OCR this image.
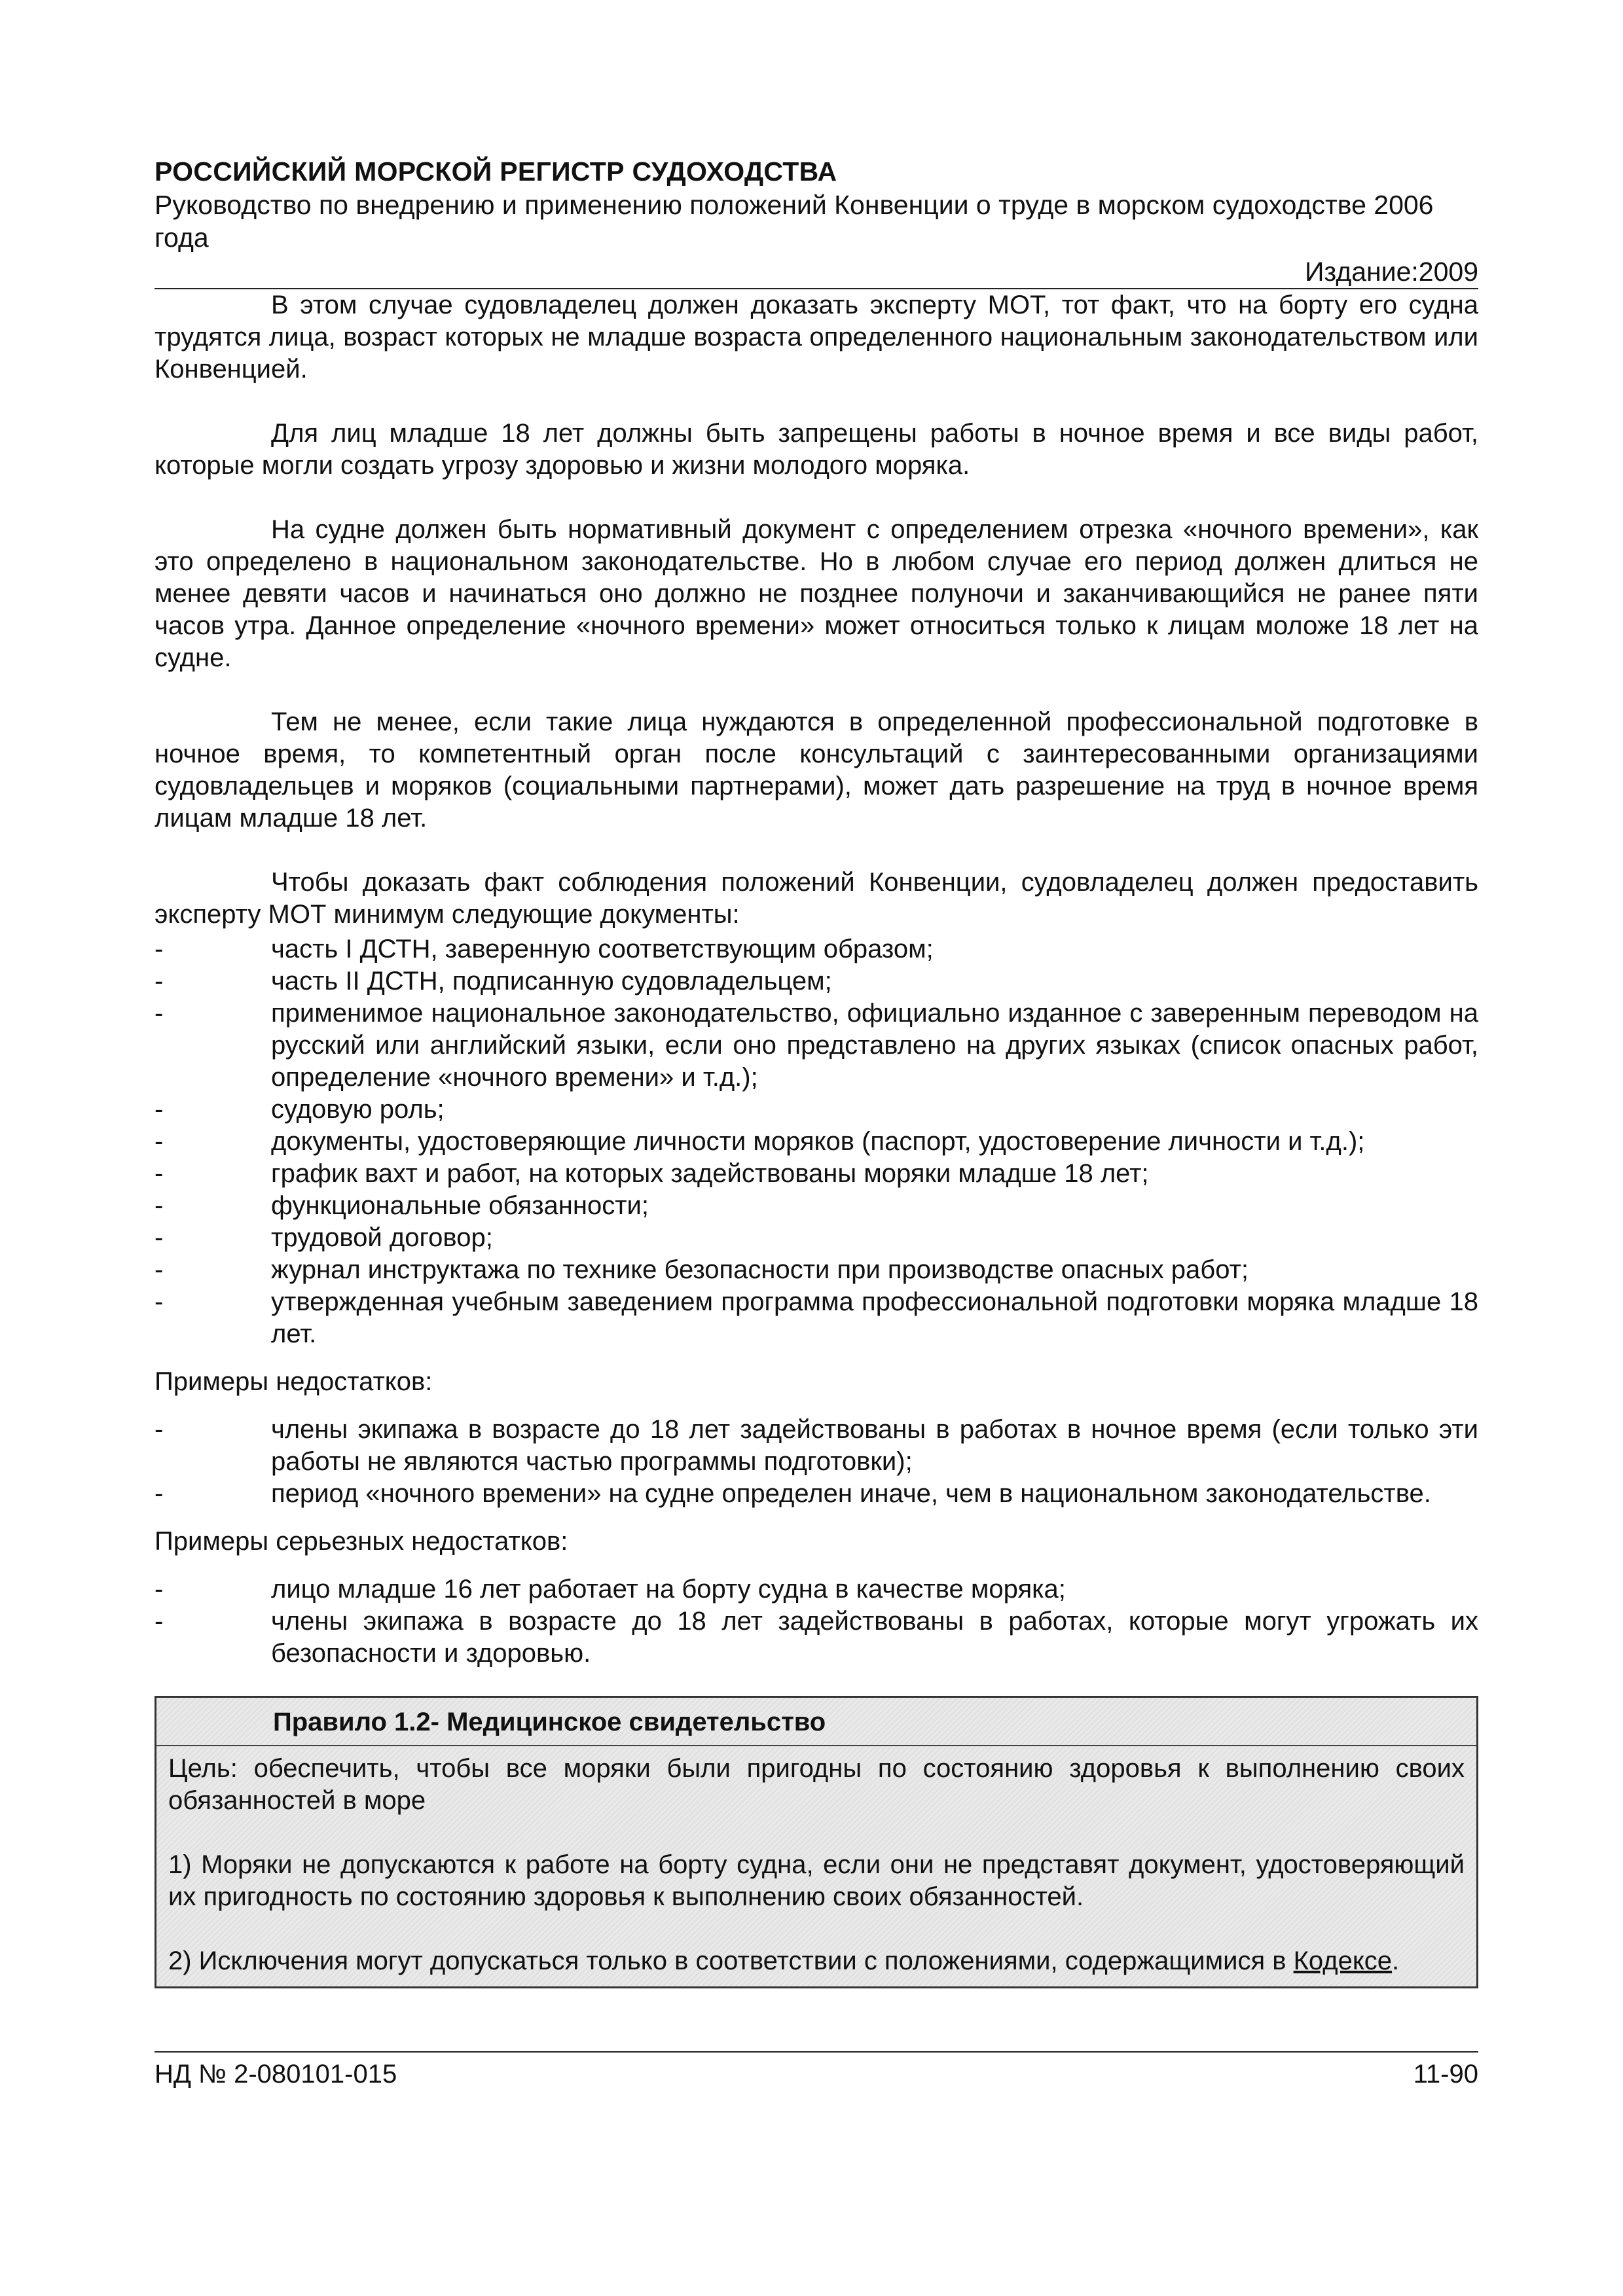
РОССИЙСКИЙ МОРСКОЙ РЕГИСТР СУДОХОДСТВА
Руководство по внедрению и применению положений Конвенции о труде в морском судоходстве 2006 года
Издание:2009

В этом случае судовладелец должен доказать эксперту МОТ, тот факт, что на борту его судна трудятся лица, возраст которых не младше возраста определенного национальным законодательством или Конвенцией.

Для лиц младше 18 лет должны быть запрещены работы в ночное время и все виды работ, которые могли создать угрозу здоровью и жизни молодого моряка.

На судне должен быть нормативный документ с определением отрезка «ночного времени», как это определено в национальном законодательстве. Но в любом случае его период должен длиться не менее девяти часов и начинаться оно должно не позднее полуночи и заканчивающийся не ранее пяти часов утра. Данное определение «ночного времени» может относиться только к лицам моложе 18 лет на судне.

Тем не менее, если такие лица нуждаются в определенной профессиональной подготовке в ночное время, то компетентный орган после консультаций с заинтересованными организациями судовладельцев и моряков (социальными партнерами), может дать разрешение на труд в ночное время лицам младше 18 лет.

Чтобы доказать факт соблюдения положений Конвенции, судовладелец должен предоставить эксперту МОТ минимум следующие документы:

- часть I ДСТН, заверенную соответствующим образом;
- часть II ДСТН, подписанную судовладельцем;
- применимое национальное законодательство, официально изданное с заверенным переводом на русский или английский языки, если оно представлено на других языках (список опасных работ, определение «ночного времени» и т.д.);
- судовую роль;
- документы, удостоверяющие личности моряков (паспорт, удостоверение личности и т.д.);
- график вахт и работ, на которых задействованы моряки младше 18 лет;
- функциональные обязанности;
- трудовой договор;
- журнал инструктажа по технике безопасности при производстве опасных работ;
- утвержденная учебным заведением программа профессиональной подготовки моряка младше 18 лет.

Примеры недостатков:

- члены экипажа в возрасте до 18 лет задействованы в работах в ночное время (если только эти работы не являются частью программы подготовки);
- период «ночного времени» на судне определен иначе, чем в национальном законодательстве.

Примеры серьезных недостатков:

- лицо младше 16 лет работает на борту судна в качестве моряка;
- члены экипажа в возрасте до 18 лет задействованы в работах, которые могут угрожать их безопасности и здоровью.
Правило 1.2- Медицинское свидетельство

Цель: обеспечить, чтобы все моряки были пригодны по состоянию здоровья к выполнению своих обязанностей в море

1) Моряки не допускаются к работе на борту судна, если они не представят документ, удостоверяющий их пригодность по состоянию здоровья к выполнению своих обязанностей.

2) Исключения могут допускаться только в соответствии с положениями, содержащимися в Кодексе.

НД № 2-080101-015	11-90
